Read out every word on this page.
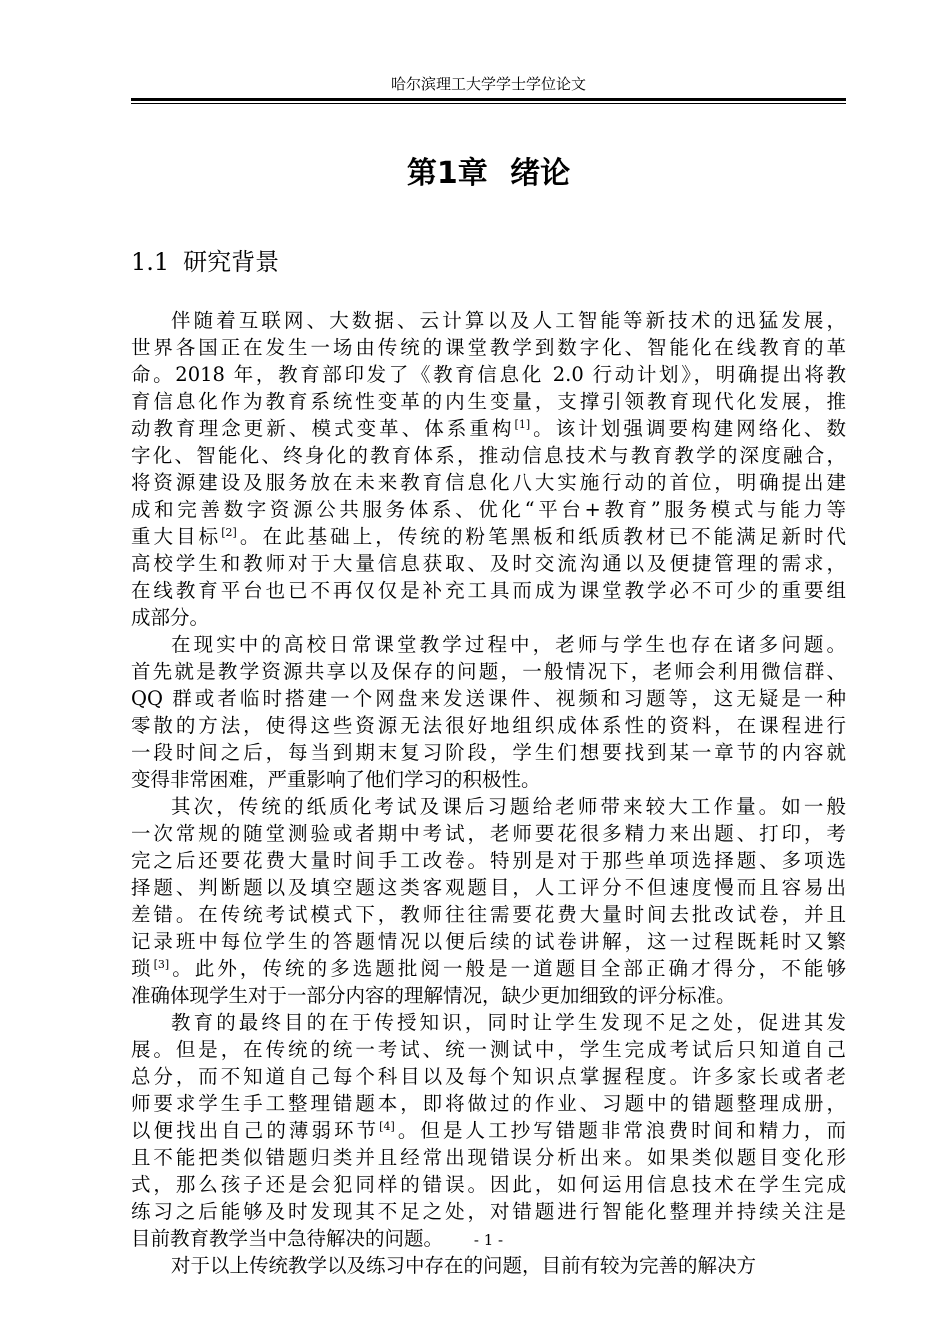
哈尔滨理工大学学士学位论文
第1章 绪论
1.1 研究背景
伴随着互联网、大数据、云计算以及人工智能等新技术的迅猛发展，
世界各国正在发生一场由传统的课堂教学到数字化、智能化在线教育的革
命。2018 年，教育部印发了《教育信息化 2.0 行动计划》，明确提出将教
育信息化作为教育系统性变革的内生变量，支撑引领教育现代化发展，推
动教育理念更新、模式变革、体系重构[1]。该计划强调要构建网络化、数
字化、智能化、终身化的教育体系，推动信息技术与教育教学的深度融合，
将资源建设及服务放在未来教育信息化八大实施行动的首位，明确提出建
成和完善数字资源公共服务体系、优化“平台+教育”服务模式与能力等
重大目标[2]。在此基础上，传统的粉笔黑板和纸质教材已不能满足新时代
高校学生和教师对于大量信息获取、及时交流沟通以及便捷管理的需求，
在线教育平台也已不再仅仅是补充工具而成为课堂教学必不可少的重要组
成部分。
在现实中的高校日常课堂教学过程中，老师与学生也存在诸多问题。
首先就是教学资源共享以及保存的问题，一般情况下，老师会利用微信群、
QQ 群或者临时搭建一个网盘来发送课件、视频和习题等，这无疑是一种
零散的方法，使得这些资源无法很好地组织成体系性的资料，在课程进行
一段时间之后，每当到期末复习阶段，学生们想要找到某一章节的内容就
变得非常困难，严重影响了他们学习的积极性。
其次，传统的纸质化考试及课后习题给老师带来较大工作量。如一般
一次常规的随堂测验或者期中考试，老师要花很多精力来出题、打印，考
完之后还要花费大量时间手工改卷。特别是对于那些单项选择题、多项选
择题、判断题以及填空题这类客观题目，人工评分不但速度慢而且容易出
差错。在传统考试模式下，教师往往需要花费大量时间去批改试卷，并且
记录班中每位学生的答题情况以便后续的试卷讲解，这一过程既耗时又繁
琐[3]。此外，传统的多选题批阅一般是一道题目全部正确才得分，不能够
准确体现学生对于一部分内容的理解情况，缺少更加细致的评分标准。
教育的最终目的在于传授知识，同时让学生发现不足之处，促进其发
展。但是，在传统的统一考试、统一测试中，学生完成考试后只知道自己
总分，而不知道自己每个科目以及每个知识点掌握程度。许多家长或者老
师要求学生手工整理错题本，即将做过的作业、习题中的错题整理成册，
以便找出自己的薄弱环节[4]。但是人工抄写错题非常浪费时间和精力，而
且不能把类似错题归类并且经常出现错误分析出来。如果类似题目变化形
式，那么孩子还是会犯同样的错误。因此，如何运用信息技术在学生完成
练习之后能够及时发现其不足之处，对错题进行智能化整理并持续关注是
目前教育教学当中急待解决的问题。
对于以上传统教学以及练习中存在的问题，目前有较为完善的解决方
- 1 -
